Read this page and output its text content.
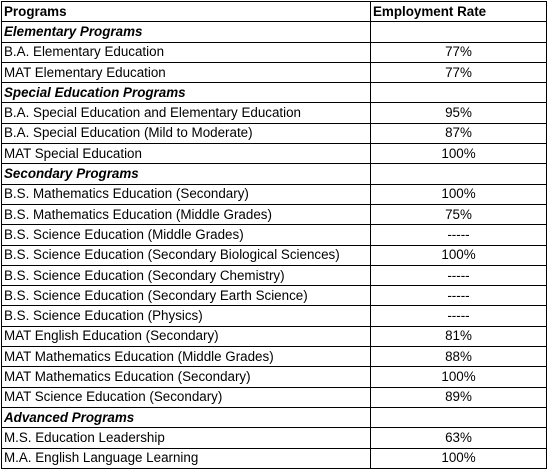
Programs	Employment Rate
Elementary Programs	
B.A. Elementary Education	77%
MAT Elementary Education	77%
Special Education Programs	
B.A. Special Education and Elementary Education	95%
B.A. Special Education (Mild to Moderate)	87%
MAT Special Education	100%
Secondary Programs	
B.S. Mathematics Education (Secondary)	100%
B.S. Mathematics Education (Middle Grades)	75%
B.S. Science Education (Middle Grades)	-----
B.S. Science Education (Secondary Biological Sciences)	100%
B.S. Science Education (Secondary Chemistry)	-----
B.S. Science Education (Secondary Earth Science)	-----
B.S. Science Education (Physics)	-----
MAT English Education (Secondary)	81%
MAT Mathematics Education (Middle Grades)	88%
MAT Mathematics Education (Secondary)	100%
MAT Science Education (Secondary)	89%
Advanced Programs	
M.S. Education Leadership	63%
M.A. English Language Learning	100%
